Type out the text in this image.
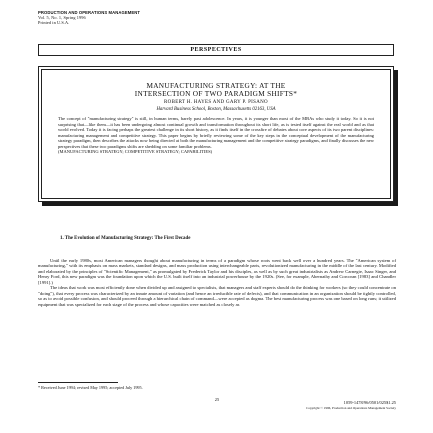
PRODUCTION AND OPERATIONS MANAGEMENT
Vol. 5, No. 1, Spring 1996
Printed in U.S.A.
PERSPECTIVES
MANUFACTURING STRATEGY: AT THE
INTERSECTION OF TWO PARADIGM SHIFTS*
ROBERT H. HAYES AND GARY P. PISANO
Harvard Business School, Boston, Massachusetts 02163, USA
The concept of "manufacturing strategy" is still, in human terms, barely past adolescence. In years, it is younger than most of the MBAs who study it today. So it is not surprising that—like them—it has been undergoing almost continual growth and transformation throughout its short life, as is tested itself against the real world and as that world evolved. Today it is facing perhaps the greatest challenge in its short history, as it finds itself in the crossfire of debates about core aspects of its two parent disciplines: manufacturing management and competitive strategy. This paper begins by briefly reviewing some of the key steps in the conceptual development of the manufacturing strategy paradigm, then describes the attacks now being directed at both the manufacturing management and the competitive strategy paradigms, and finally discusses the new perspectives that these two paradigms shifts are shedding on some familiar problems.
(MANUFACTURING STRATEGY; COMPETITIVE STRATEGY; CAPABILITIES)
1. The Evolution of Manufacturing Strategy: The First Decade

Until the early 1980s, most American managers thought about manufacturing in terms of a paradigm whose roots went back well over a hundred years. The "American system of manufacturing," with its emphasis on mass markets, standard designs, and mass production using interchangeable parts, revolutionized manufacturing in the middle of the last century. Modified and elaborated by the principles of "Scientific Management," as promulgated by Frederick Taylor and his disciples, as well as by such great industrialists as Andrew Carnegie, Isaac Singer, and Henry Ford, this new paradigm was the foundation upon which the U.S. built itself into an industrial powerhouse by the 1920s. (See, for example, Abernathy and Corcoran [1983] and Chandler [1991].)

The ideas that work was most efficiently done when divided up and assigned to specialists, that managers and staff experts should do the thinking for workers (so they could concentrate on "doing"), that every process was characterized by an innate amount of variation (and hence an irreducible rate of defects), and that communication in an organization should be tightly controlled, so as to avoid possible confusion, and should proceed through a hierarchical chain of command—were accepted as dogma. The best manufacturing process was one based on long runs; it utilized equipment that was specialized for each stage of the process and whose capacities were matched as closely as

* Received June 1994; revised May 1995; accepted July 1995.
25
1059-1478/96/0501/025$1.25
Copyright © 1996, Production and Operations Management Society
